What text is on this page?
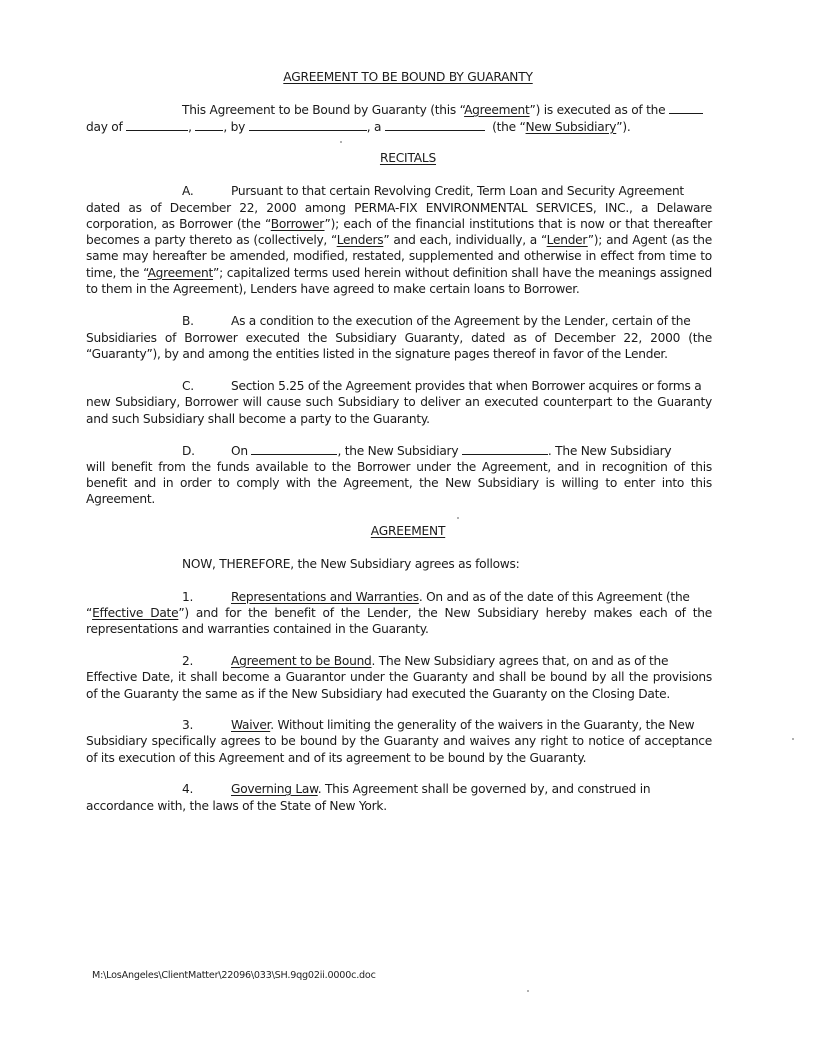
AGREEMENT TO BE BOUND BY GUARANTY
This Agreement to be Bound by Guaranty (this “Agreement”) is executed as of the
day of	,	, by	, a	(the “New Subsidiary”).
RECITALS
A.	Pursuant to that certain Revolving Credit, Term Loan and Security Agreement
dated as of December 22, 2000 among PERMA-FIX ENVIRONMENTAL SERVICES, INC., a Delaware
corporation, as Borrower (the “Borrower”); each of the financial institutions that is now or that thereafter
becomes a party thereto as (collectively, “Lenders” and each, individually, a “Lender”); and Agent (as the
same may hereafter be amended, modified, restated, supplemented and otherwise in effect from time to
time, the “Agreement”; capitalized terms used herein without definition shall have the meanings assigned
to them in the Agreement), Lenders have agreed to make certain loans to Borrower.
B.	As a condition to the execution of the Agreement by the Lender, certain of the
Subsidiaries of Borrower executed the Subsidiary Guaranty, dated as of December 22, 2000 (the
“Guaranty”), by and among the entities listed in the signature pages thereof in favor of the Lender.
C.	Section 5.25 of the Agreement provides that when Borrower acquires or forms a
new Subsidiary, Borrower will cause such Subsidiary to deliver an executed counterpart to the Guaranty
and such Subsidiary shall become a party to the Guaranty.
D.	On	, the New Subsidiary	. The New Subsidiary
will benefit from the funds available to the Borrower under the Agreement, and in recognition of this
benefit and in order to comply with the Agreement, the New Subsidiary is willing to enter into this
Agreement.
AGREEMENT
NOW, THEREFORE, the New Subsidiary agrees as follows:
1.	Representations and Warranties. On and as of the date of this Agreement (the
“Effective Date”) and for the benefit of the Lender, the New Subsidiary hereby makes each of the
representations and warranties contained in the Guaranty.
2.	Agreement to be Bound. The New Subsidiary agrees that, on and as of the
Effective Date, it shall become a Guarantor under the Guaranty and shall be bound by all the provisions
of the Guaranty the same as if the New Subsidiary had executed the Guaranty on the Closing Date.
3.	Waiver. Without limiting the generality of the waivers in the Guaranty, the New
Subsidiary specifically agrees to be bound by the Guaranty and waives any right to notice of acceptance
of its execution of this Agreement and of its agreement to be bound by the Guaranty.
4.	Governing Law. This Agreement shall be governed by, and construed in
accordance with, the laws of the State of New York.
M:\LosAngeles\ClientMatter\22096\033\SH.9qg02ii.0000c.doc
